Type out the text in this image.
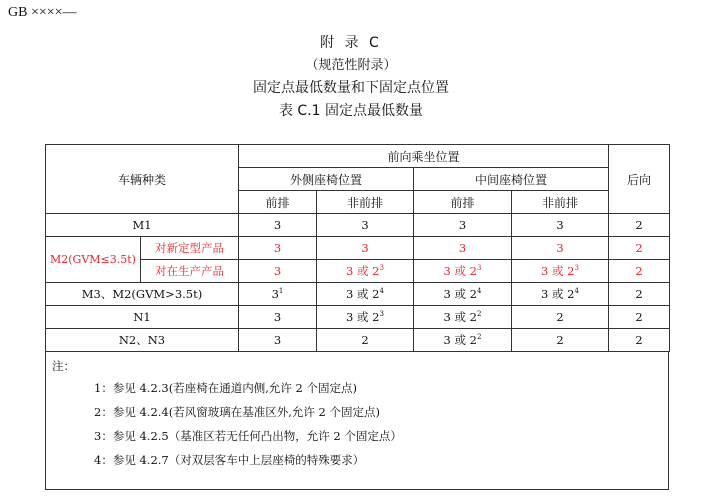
GB ××××—
附 录 C
（规范性附录）
固定点最低数量和下固定点位置
表 C.1 固定点最低数量
车辆种类		前向乘坐位置				后向
		外侧座椅位置		中间座椅位置		
		前排	非前排	前排	非前排	
M1		3	3	3	3	2
M2(GVM≤3.5t)	对新定型产品	3	3	3	3	2
	对在生产产品	3	3 或 $2^3$	3 或 $2^3$	3 或 $2^3$	2
M3、M2(GVM>3.5t)		$3^1$	3 或 $2^4$	3 或 $2^4$	3 或 $2^4$	2
N1		3	3 或 $2^3$	3 或 $2^2$	2	2
N2、N3		3	2	3 或 $2^2$	2	2
注：
1：参见 4.2.3(若座椅在通道内侧,允许 2 个固定点)
2：参见 4.2.4(若风窗玻璃在基准区外,允许 2 个固定点)
3：参见 4.2.5（基准区若无任何凸出物，允许 2 个固定点）
4：参见 4.2.7（对双层客车中上层座椅的特殊要求）
